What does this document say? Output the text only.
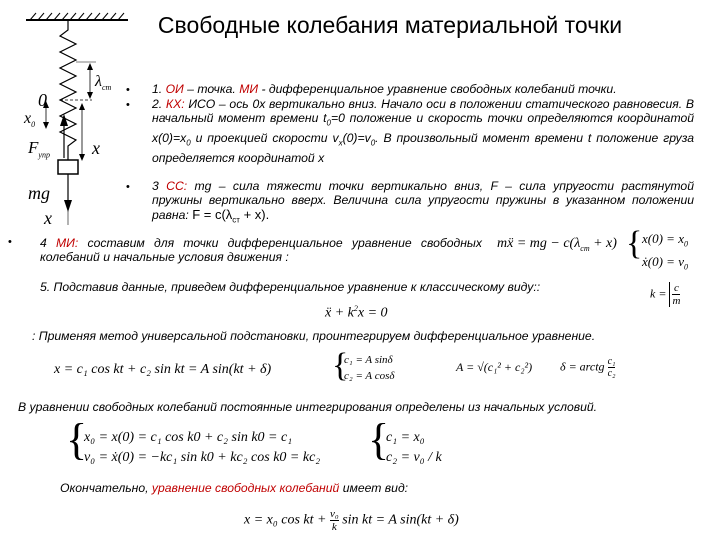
Свободные колебания материальной точки
0
$\lambda_{ст}$
$x_0$
$F_{упр}$ x
mg
x
•
•
•
•
1. ОИ – точка. МИ - дифференциальное уравнение свободных колебаний точки.
2. КХ: ИСО – ось 0x вертикально вниз. Начало оси в положении статического равновесия. В начальный момент времени $t_0=0$ положение и скорость точки определяются координатой $x(0)=x_0$ и проекцией скорости $v_x(0)=v_0$. В произвольный момент времени t положение груза определяется координатой x
3 СС: mg – сила тяжести точки вертикально вниз, F – сила упругости растянутой пружины вертикально вверх. Величина сила упругости пружины в указанном положении равна: $F = c(\lambda_{ст} + x)$.
4 МИ: составим для точки дифференциальное уравнение свободных колебаний и начальные условия движения :
mẍ = mg − $c(\lambda_{ст} + x)$ { $x(0) = x_0$
ẋ(0) = $v_0$
5. Подставив данные, приведем дифференциальное уравнение к классическому виду::	$k = \frac{c}{m}$
ẍ + $k^2x = 0$
: Применяя метод универсальной подстановки, проинтегрируем дифференциальное уравнение.
x = c₁ cos kt + c₂ sin kt = A sin(kt + δ) {
c₁ = A sinδ
c₂ = A cosδ
A = √(c₁² + c₂²) δ = arctg $\frac{\text{c₁}}{\text{c₂}}$
В уравнении свободных колебаний постоянные интегрирования определены из начальных условий.
{
x₀ = x(0) = c₁ cos k0 + c₂ sin k0 = c₁
v₀ = ẋ(0) = −kc₁ sin k0 + kc₂ cos k0 = kc₂ {
c₁ = x₀
c₂ = v₀ / k
Окончательно, уравнение свободных колебаний имеет вид:
x = x₀ cos kt + $\frac{\text{v₀}}{k}$ sin kt = A sin(kt + δ)
